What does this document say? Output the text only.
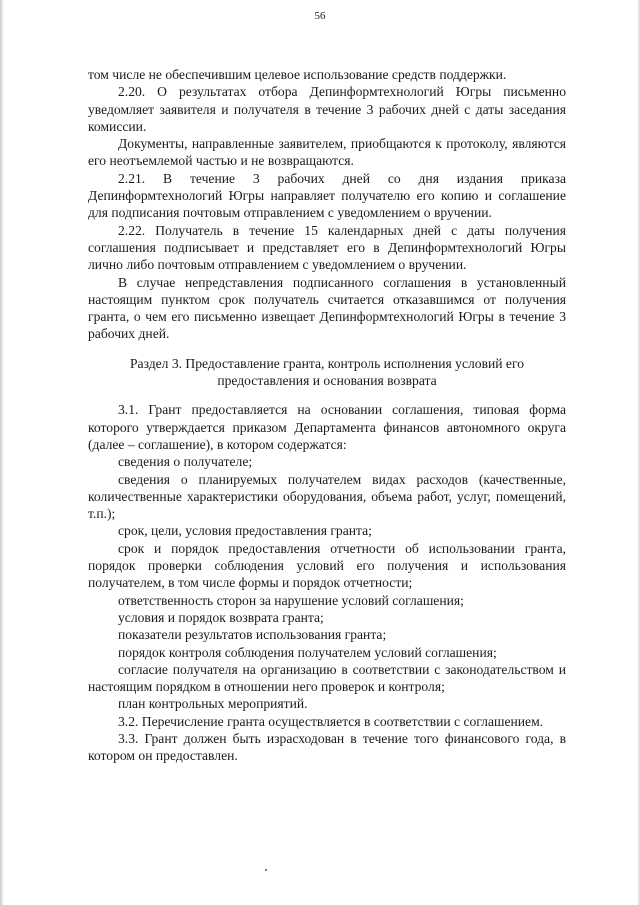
56

том числе не обеспечившим целевое использование средств поддержки.

2.20. О результатах отбора Депинформтехнологий Югры письменно уведомляет заявителя и получателя в течение 3 рабочих дней с даты заседания комиссии.

Документы, направленные заявителем, приобщаются к протоколу, являются его неотъемлемой частью и не возвращаются.

2.21. В течение 3 рабочих дней со дня издания приказа Депинформтехнологий Югры направляет получателю его копию и соглашение для подписания почтовым отправлением с уведомлением о вручении.

2.22. Получатель в течение 15 календарных дней с даты получения соглашения подписывает и представляет его в Депинформтехнологий Югры лично либо почтовым отправлением с уведомлением о вручении.

В случае непредставления подписанного соглашения в установленный настоящим пунктом срок получатель считается отказавшимся от получения гранта, о чем его письменно извещает Депинформтехнологий Югры в течение 3 рабочих дней.

Раздел 3. Предоставление гранта, контроль исполнения условий его предоставления и основания возврата

3.1. Грант предоставляется на основании соглашения, типовая форма которого утверждается приказом Департамента финансов автономного округа (далее – соглашение), в котором содержатся:

сведения о получателе;

сведения о планируемых получателем видах расходов (качественные, количественные характеристики оборудования, объема работ, услуг, помещений, т.п.);

срок, цели, условия предоставления гранта;

срок и порядок предоставления отчетности об использовании гранта, порядок проверки соблюдения условий его получения и использования получателем, в том числе формы и порядок отчетности;

ответственность сторон за нарушение условий соглашения;

условия и порядок возврата гранта;

показатели результатов использования гранта;

порядок контроля соблюдения получателем условий соглашения;

согласие получателя на организацию в соответствии с законодательством и настоящим порядком в отношении него проверок и контроля;

план контрольных мероприятий.

3.2. Перечисление гранта осуществляется в соответствии с соглашением.

3.3. Грант должен быть израсходован в течение того финансового года, в котором он предоставлен.
